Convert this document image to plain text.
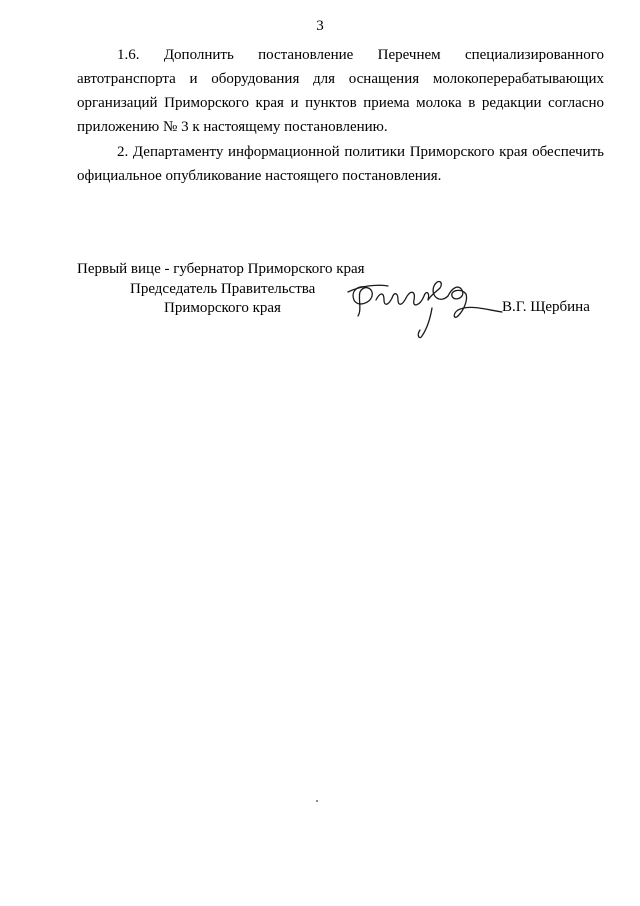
3

1.6. Дополнить постановление Перечнем специализированного автотранспорта и оборудования для оснащения молокоперерабатывающих организаций Приморского края и пунктов приема молока в редакции согласно приложению № 3 к настоящему постановлению.

2. Департаменту информационной политики Приморского края обеспечить официальное опубликование настоящего постановления.

Первый вице - губернатор Приморского края
Председатель Правительства
Приморского края	В.Г. Щербина
